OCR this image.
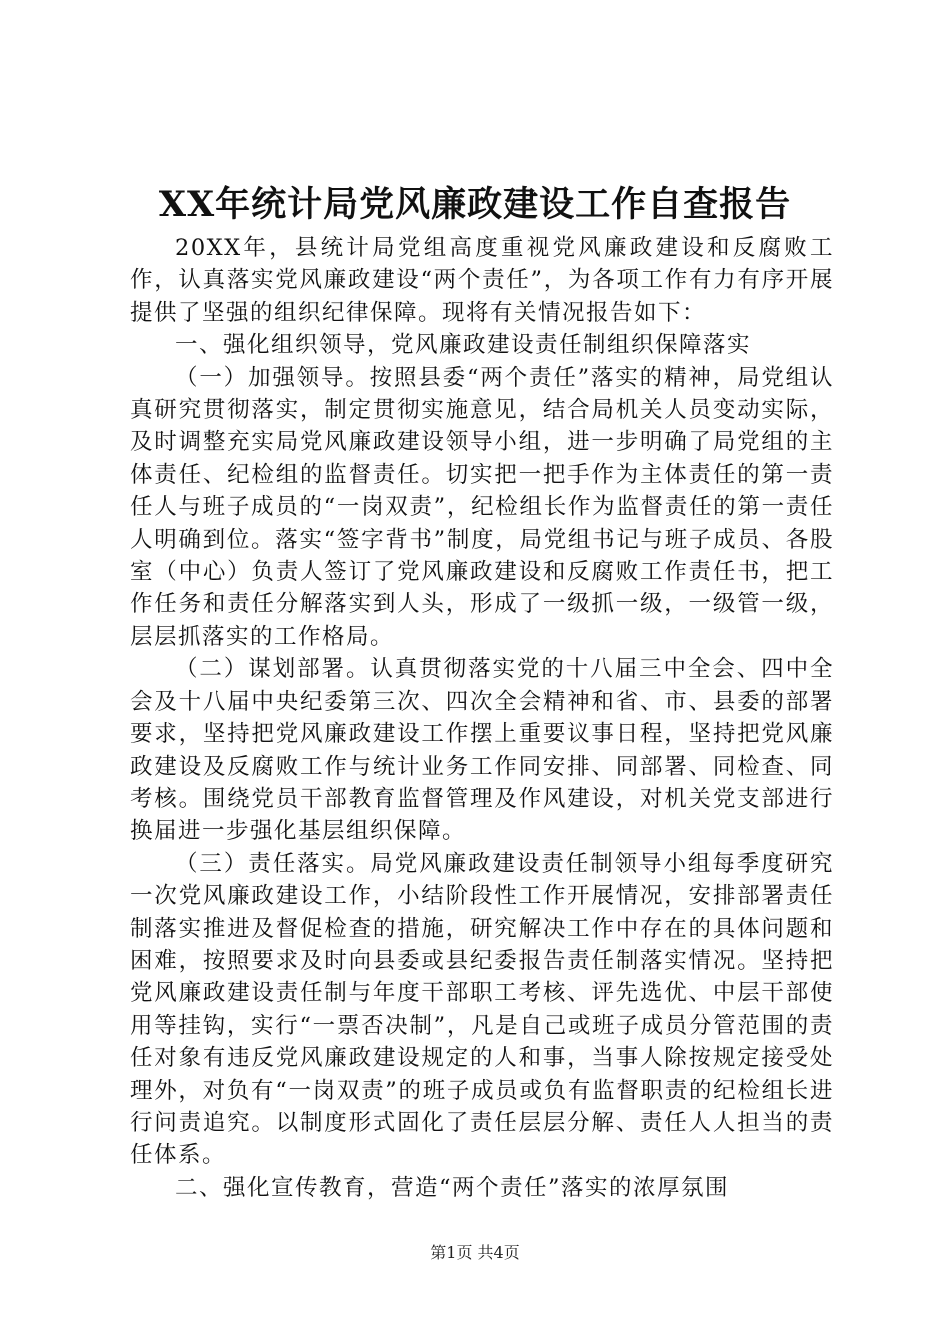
XX年统计局党风廉政建设工作自查报告

20XX年，县统计局党组高度重视党风廉政建设和反腐败工作，认真落实党风廉政建设“两个责任”，为各项工作有力有序开展提供了坚强的组织纪律保障。现将有关情况报告如下：

一、强化组织领导，党风廉政建设责任制组织保障落实

（一）加强领导。按照县委“两个责任”落实的精神，局党组认真研究贯彻落实，制定贯彻实施意见，结合局机关人员变动实际，及时调整充实局党风廉政建设领导小组，进一步明确了局党组的主体责任、纪检组的监督责任。切实把一把手作为主体责任的第一责任人与班子成员的“一岗双责”，纪检组长作为监督责任的第一责任人明确到位。落实“签字背书”制度，局党组书记与班子成员、各股室（中心）负责人签订了党风廉政建设和反腐败工作责任书，把工作任务和责任分解落实到人头，形成了一级抓一级，一级管一级，层层抓落实的工作格局。

（二）谋划部署。认真贯彻落实党的十八届三中全会、四中全会及十八届中央纪委第三次、四次全会精神和省、市、县委的部署要求，坚持把党风廉政建设工作摆上重要议事日程，坚持把党风廉政建设及反腐败工作与统计业务工作同安排、同部署、同检查、同考核。围绕党员干部教育监督管理及作风建设，对机关党支部进行换届进一步强化基层组织保障。

（三）责任落实。局党风廉政建设责任制领导小组每季度研究一次党风廉政建设工作，小结阶段性工作开展情况，安排部署责任制落实推进及督促检查的措施，研究解决工作中存在的具体问题和困难，按照要求及时向县委或县纪委报告责任制落实情况。坚持把党风廉政建设责任制与年度干部职工考核、评先选优、中层干部使用等挂钩，实行“一票否决制”，凡是自己或班子成员分管范围的责任对象有违反党风廉政建设规定的人和事，当事人除按规定接受处理外，对负有“一岗双责”的班子成员或负有监督职责的纪检组长进行问责追究。以制度形式固化了责任层层分解、责任人人担当的责任体系。

二、强化宣传教育，营造“两个责任”落实的浓厚氛围

第1页 共4页
